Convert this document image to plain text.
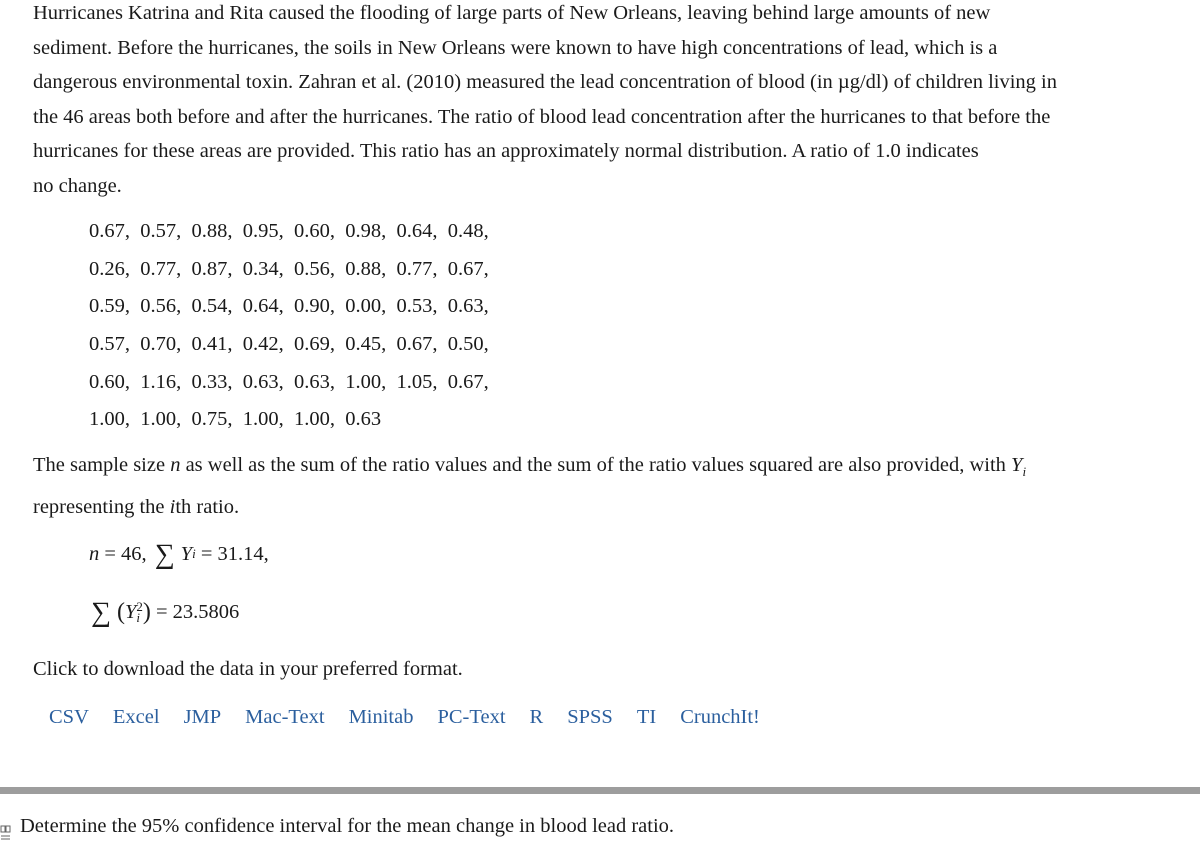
Hurricanes Katrina and Rita caused the flooding of large parts of New Orleans, leaving behind large amounts of new
sediment. Before the hurricanes, the soils in New Orleans were known to have high concentrations of lead, which is a
dangerous environmental toxin. Zahran et al. (2010) measured the lead concentration of blood (in µg/dl) of children living in
the 46 areas both before and after the hurricanes. The ratio of blood lead concentration after the hurricanes to that before the
hurricanes for these areas are provided. This ratio has an approximately normal distribution. A ratio of 1.0 indicates
no change.
0.67,  0.57,  0.88,  0.95,  0.60,  0.98,  0.64,  0.48,
0.26,  0.77,  0.87,  0.34,  0.56,  0.88,  0.77,  0.67,
0.59,  0.56,  0.54,  0.64,  0.90,  0.00,  0.53,  0.63,
0.57,  0.70,  0.41,  0.42,  0.69,  0.45,  0.67,  0.50,
0.60,  1.16,  0.33,  0.63,  0.63,  1.00,  1.05,  0.67,
1.00,  1.00,  0.75,  1.00,  1.00,  0.63
The sample size n as well as the sum of the ratio values and the sum of the ratio values squared are also provided, with $Y_i$
representing the ith ratio.
n = 46, ∑ Y i = 31.14,
∑ ( Y 2
i ) = 23.5806
Click to download the data in your preferred format.
CSV Excel JMP Mac-Text Minitab PC-Text R SPSS TI CrunchIt!
Determine the 95% confidence interval for the mean change in blood lead ratio.
